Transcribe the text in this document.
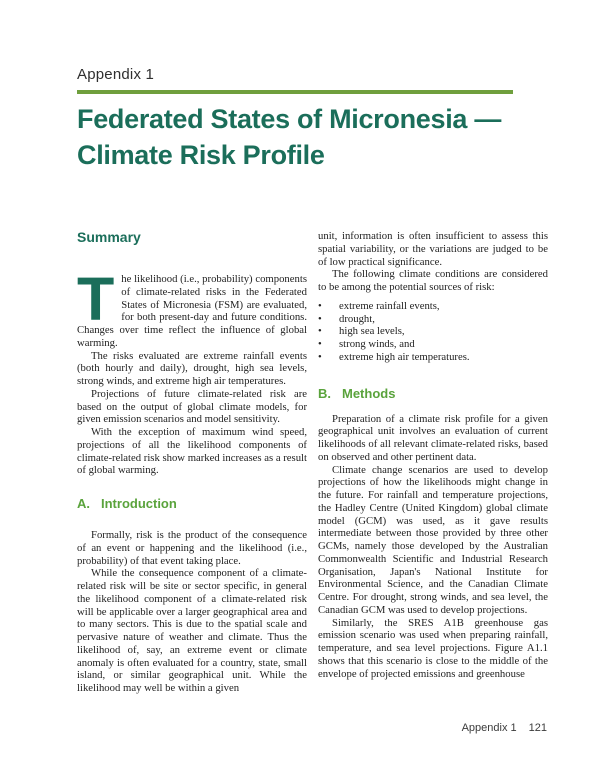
Appendix 1
Federated States of Micronesia —
Climate Risk Profile
Summary

The likelihood (i.e., probability) components of climate-related risks in the Federated States of Micronesia (FSM) are evaluated, for both present-day and future conditions. Changes over time reflect the influence of global warming.

The risks evaluated are extreme rainfall events (both hourly and daily), drought, high sea levels, strong winds, and extreme high air temperatures.

Projections of future climate-related risk are based on the output of global climate models, for given emission scenarios and model sensitivity.

With the exception of maximum wind speed, projections of all the likelihood components of climate-related risk show marked increases as a result of global warming.

A. Introduction

Formally, risk is the product of the consequence of an event or happening and the likelihood (i.e., probability) of that event taking place.

While the consequence component of a climate-related risk will be site or sector specific, in general the likelihood component of a climate-related risk will be applicable over a larger geographical area and to many sectors. This is due to the spatial scale and pervasive nature of weather and climate. Thus the likelihood of, say, an extreme event or climate anomaly is often evaluated for a country, state, small island, or similar geographical unit. While the likelihood may well be within a given

unit, information is often insufficient to assess this spatial variability, or the variations are judged to be of low practical significance.

The following climate conditions are considered to be among the potential sources of risk:

•	extreme rainfall events,
•	drought,
•	high sea levels,
•	strong winds, and
•	extreme high air temperatures.
B. Methods

Preparation of a climate risk profile for a given geographical unit involves an evaluation of current likelihoods of all relevant climate-related risks, based on observed and other pertinent data.

Climate change scenarios are used to develop projections of how the likelihoods might change in the future. For rainfall and temperature projections, the Hadley Centre (United Kingdom) global climate model (GCM) was used, as it gave results intermediate between those provided by three other GCMs, namely those developed by the Australian Commonwealth Scientific and Industrial Research Organisation, Japan's National Institute for Environmental Science, and the Canadian Climate Centre. For drought, strong winds, and sea level, the Canadian GCM was used to develop projections.

Similarly, the SRES A1B greenhouse gas emission scenario was used when preparing rainfall, temperature, and sea level projections. Figure A1.1 shows that this scenario is close to the middle of the envelope of projected emissions and greenhouse

Appendix 1 121
